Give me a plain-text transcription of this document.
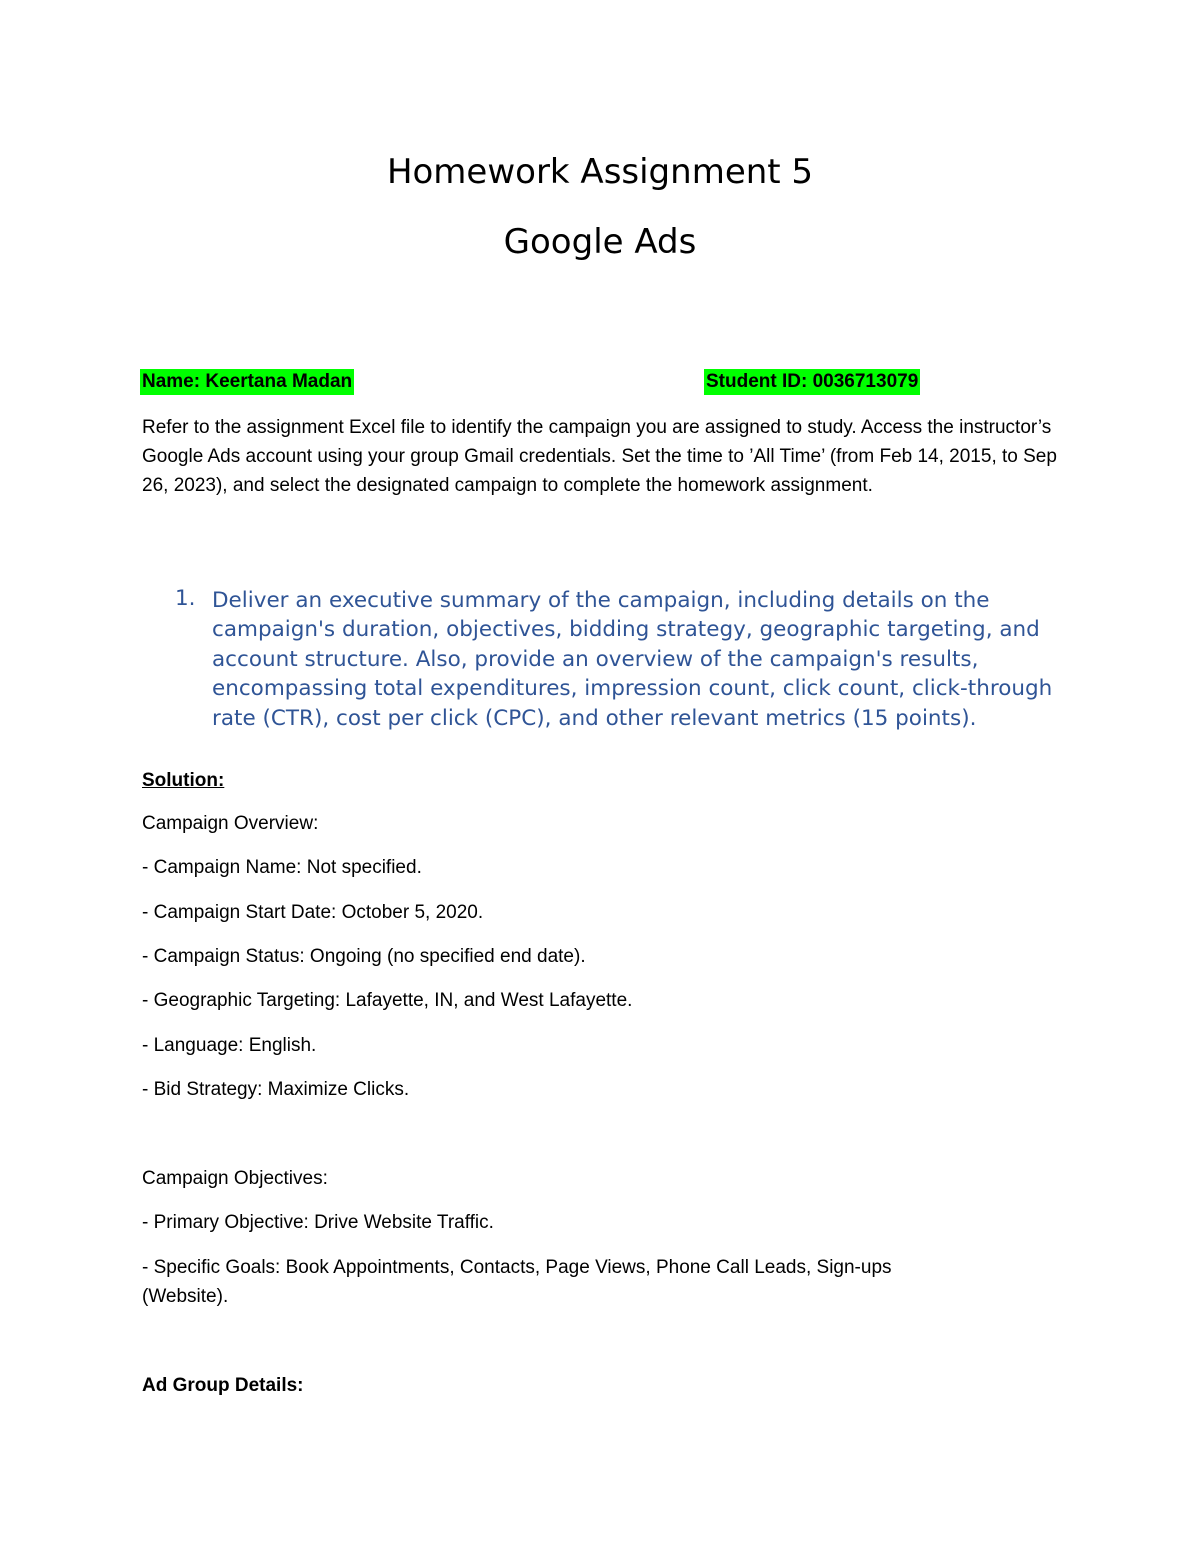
Homework Assignment 5
Google Ads
Name: Keertana Madan	Student ID: 0036713079

Refer to the assignment Excel file to identify the campaign you are assigned to study. Access the instructor’s Google Ads account using your group Gmail credentials. Set the time to ’All Time’ (from Feb 14, 2015, to Sep 26, 2023), and select the designated campaign to complete the homework assignment.

1. Deliver an executive summary of the campaign, including details on the campaign's duration, objectives, bidding strategy, geographic targeting, and account structure. Also, provide an overview of the campaign's results, encompassing total expenditures, impression count, click count, click-through rate (CTR), cost per click (CPC), and other relevant metrics (15 points).

Solution:
Campaign Overview:
- Campaign Name: Not specified.
- Campaign Start Date: October 5, 2020.
- Campaign Status: Ongoing (no specified end date).
- Geographic Targeting: Lafayette, IN, and West Lafayette.
- Language: English.
- Bid Strategy: Maximize Clicks.
Campaign Objectives:
- Primary Objective: Drive Website Traffic.
- Specific Goals: Book Appointments, Contacts, Page Views, Phone Call Leads, Sign-ups
(Website).
Ad Group Details:
